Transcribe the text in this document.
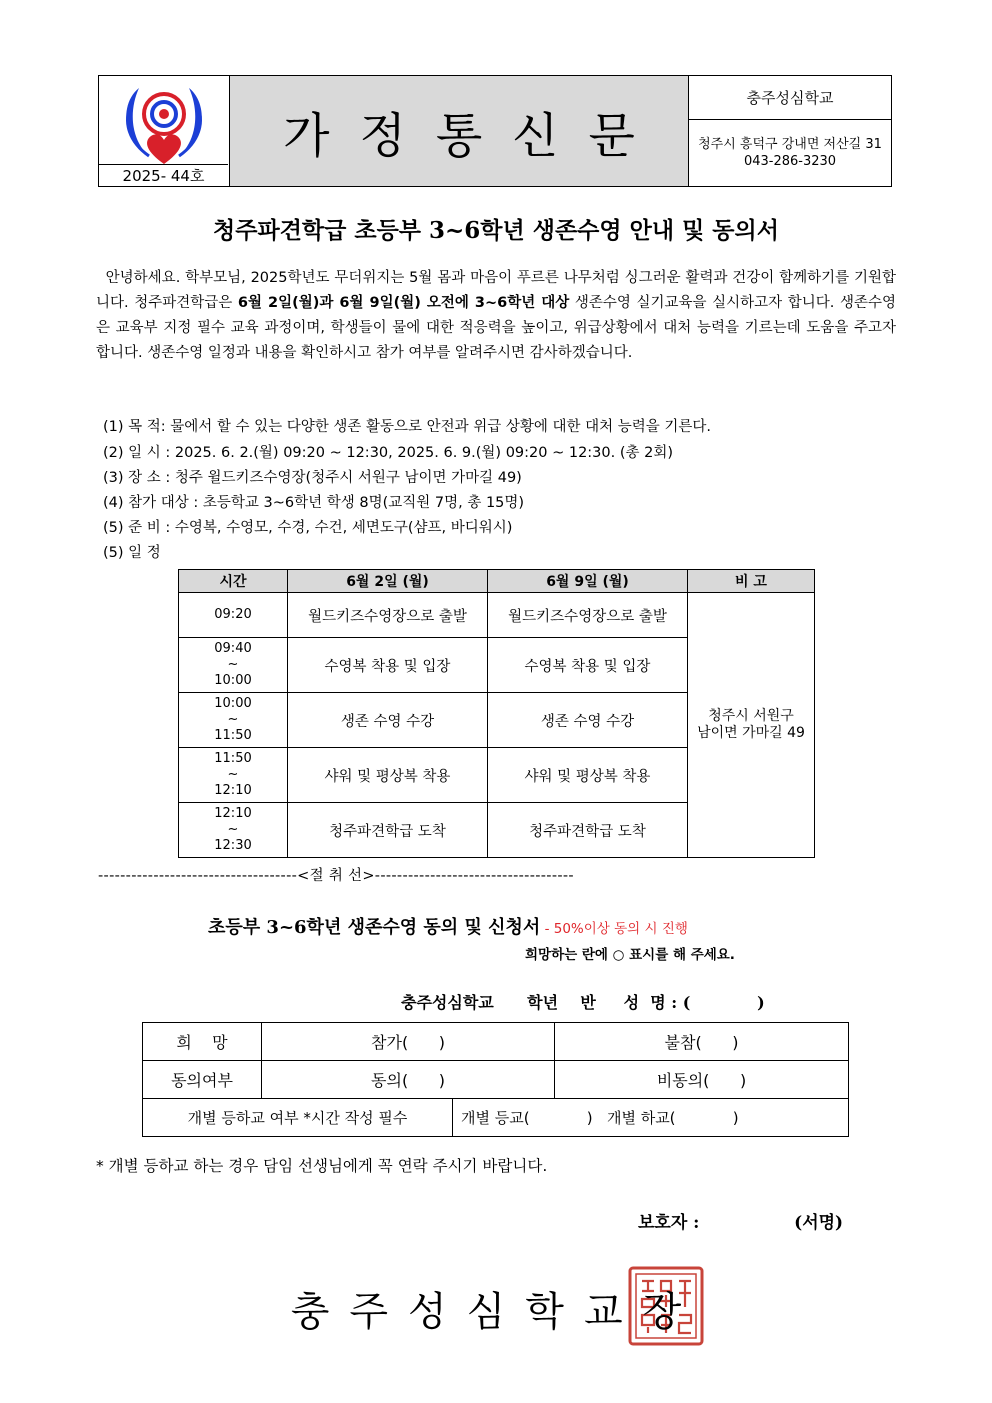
2025- 44호
가정통신문
충주성심학교
청주시 흥덕구 강내면 저산길 31
043-286-3230
청주파견학급 초등부 3~6학년 생존수영 안내 및 동의서
안녕하세요. 학부모님, 2025학년도 무더위지는 5월 몸과 마음이 푸르른 나무처럼 싱그러운 활력과 건강이 함께하기를 기원합니다. 청주파견학급은 6월 2일(월)과 6월 9일(월) 오전에 3~6학년 대상 생존수영 실기교육을 실시하고자 합니다. 생존수영은 교육부 지정 필수 교육 과정이며, 학생들이 물에 대한 적응력을 높이고, 위급상황에서 대처 능력을 기르는데 도움을 주고자 합니다. 생존수영 일정과 내용을 확인하시고 참가 여부를 알려주시면 감사하겠습니다.
(1) 목 적: 물에서 할 수 있는 다양한 생존 활동으로 안전과 위급 상황에 대한 대처 능력을 기른다.
(2) 일 시 : 2025. 6. 2.(월) 09:20 ~ 12:30, 2025. 6. 9.(월) 09:20 ~ 12:30. (총 2회)
(3) 장 소 : 청주 윌드키즈수영장(청주시 서원구 남이면 가마길 49)
(4) 참가 대상 : 초등학교 3~6학년 학생 8명(교직원 7명, 총 15명)
(5) 준 비 : 수영복, 수영모, 수경, 수건, 세면도구(샴프, 바디워시)
(5) 일 정
시간	6월 2일 (월)	6월 9일 (월)	비 고
09:20	월드키즈수영장으로 출발	월드키즈수영장으로 출발	청주시 서원구
남이면 가마길 49

09:40
~
10:00	수영복 착용 및 입장	수영복 착용 및 입장	

10:00
~
11:50	생존 수영 수강	생존 수영 수강	

11:50
~
12:10	샤워 및 평상복 착용	샤워 및 평상복 착용	

12:10
~
12:30	청주파견학급 도착	청주파견학급 도착	
------------------------------------<절 취 선>------------------------------------
초등부 3~6학년 생존수영 동의 및 신청서 - 50%이상 동의 시 진행
희망하는 란에 ○ 표시를 해 주세요.
충주성심학교      학년    반     성  명 : (            )
희    망	참가(      )	불참(      )
동의여부	동의(      )	비동의(      )

개별 등하교 여부 *시간 작성 필수 개별 등교(            )   개별 하교(            )		
* 개별 등하교 하는 경우 담임 선생님에게 꼭 연락 주시기 바랍니다.
보호자 :                (서명)
충주성심학교장
